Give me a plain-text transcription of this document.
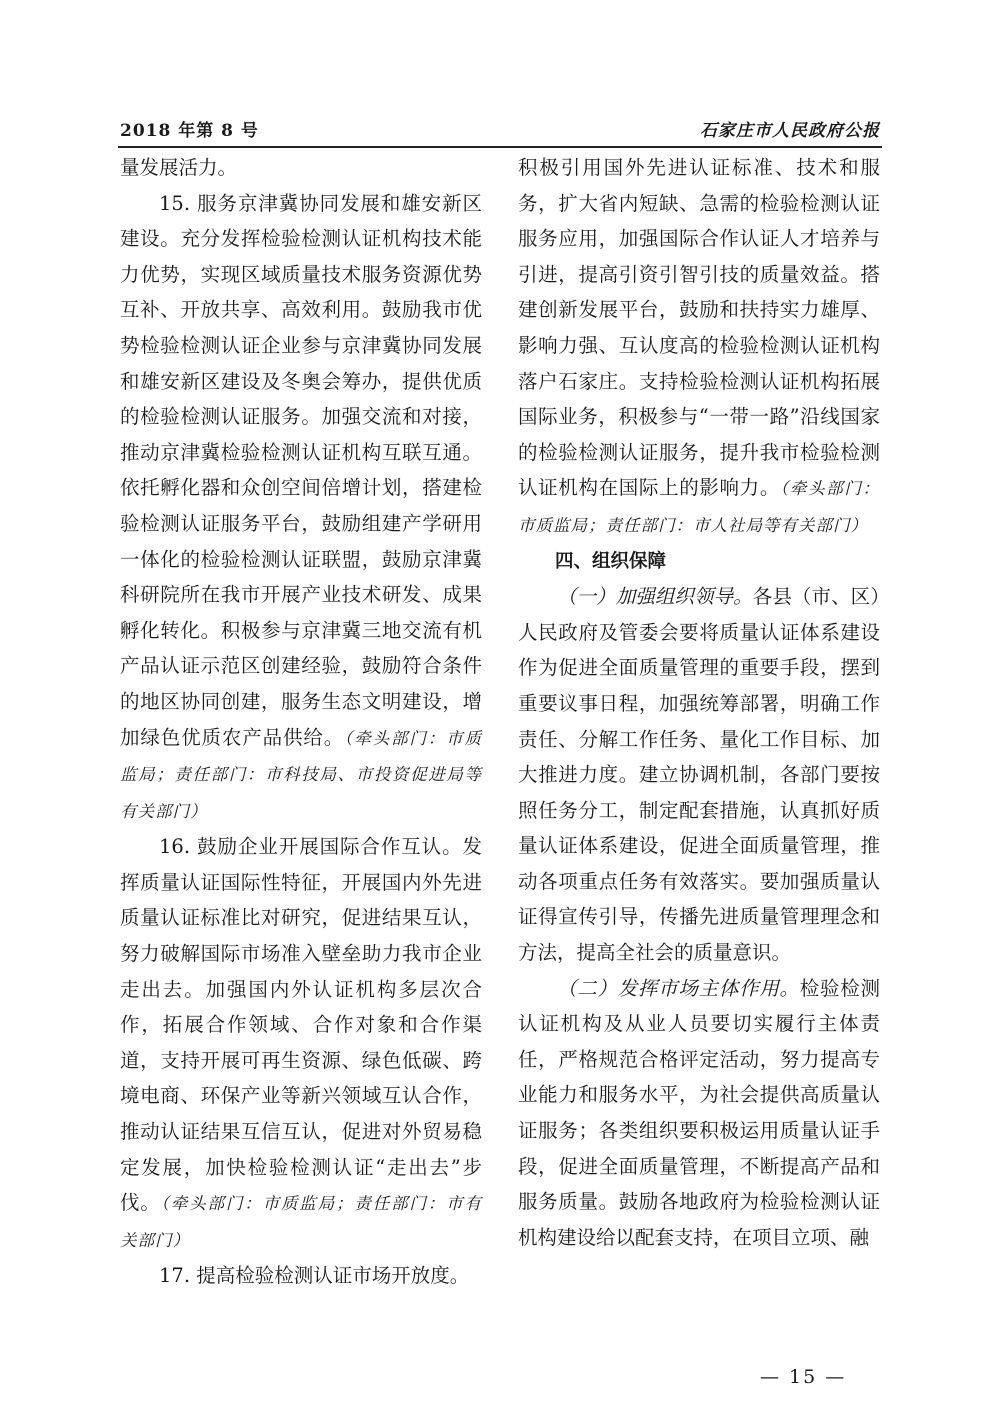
2018 年第 8 号	石家庄市人民政府公报

量发展活力。

15. 服务京津冀协同发展和雄安新区建设。充分发挥检验检测认证机构技术能力优势，实现区域质量技术服务资源优势互补、开放共享、高效利用。鼓励我市优势检验检测认证企业参与京津冀协同发展和雄安新区建设及冬奥会筹办，提供优质的检验检测认证服务。加强交流和对接，推动京津冀检验检测认证机构互联互通。依托孵化器和众创空间倍增计划，搭建检验检测认证服务平台，鼓励组建产学研用一体化的检验检测认证联盟，鼓励京津冀科研院所在我市开展产业技术研发、成果孵化转化。积极参与京津冀三地交流有机产品认证示范区创建经验，鼓励符合条件的地区协同创建，服务生态文明建设，增加绿色优质农产品供给。（牵头部门：市质监局；责任部门：市科技局、市投资促进局等有关部门）

16. 鼓励企业开展国际合作互认。发挥质量认证国际性特征，开展国内外先进质量认证标准比对研究，促进结果互认，努力破解国际市场准入壁垒助力我市企业走出去。加强国内外认证机构多层次合作，拓展合作领域、合作对象和合作渠道，支持开展可再生资源、绿色低碳、跨境电商、环保产业等新兴领域互认合作，推动认证结果互信互认，促进对外贸易稳定发展，加快检验检测认证“走出去”步伐。（牵头部门：市质监局；责任部门：市有关部门）

17. 提高检验检测认证市场开放度。

积极引用国外先进认证标准、技术和服务，扩大省内短缺、急需的检验检测认证服务应用，加强国际合作认证人才培养与引进，提高引资引智引技的质量效益。搭建创新发展平台，鼓励和扶持实力雄厚、影响力强、互认度高的检验检测认证机构落户石家庄。支持检验检测认证机构拓展国际业务，积极参与“一带一路”沿线国家的检验检测认证服务，提升我市检验检测认证机构在国际上的影响力。（牵头部门：市质监局；责任部门：市人社局等有关部门）

四、组织保障

（一）加强组织领导。各县（市、区）人民政府及管委会要将质量认证体系建设作为促进全面质量管理的重要手段，摆到重要议事日程，加强统筹部署，明确工作责任、分解工作任务、量化工作目标、加大推进力度。建立协调机制，各部门要按照任务分工，制定配套措施，认真抓好质量认证体系建设，促进全面质量管理，推动各项重点任务有效落实。要加强质量认证得宣传引导，传播先进质量管理理念和方法，提高全社会的质量意识。

（二）发挥市场主体作用。检验检测认证机构及从业人员要切实履行主体责任，严格规范合格评定活动，努力提高专业能力和服务水平，为社会提供高质量认证服务；各类组织要积极运用质量认证手段，促进全面质量管理，不断提高产品和服务质量。鼓励各地政府为检验检测认证机构建设给以配套支持，在项目立项、融

— 15 —
